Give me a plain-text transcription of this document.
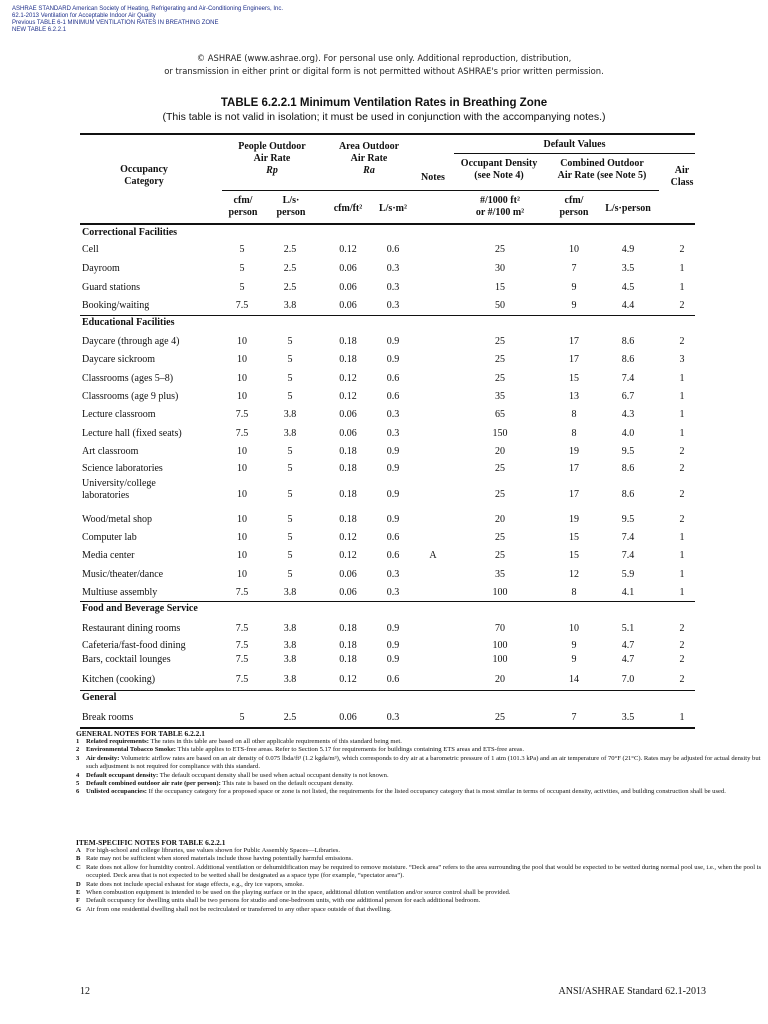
ASHRAE STANDARD American Society of Heating, Refrigerating and Air-Conditioning Engineers, Inc.
62.1-2013 Ventilation for Acceptable Indoor Air Quality
Previous TABLE 6-1 MINIMUM VENTILATION RATES IN BREATHING ZONE
NEW TABLE 6.2.2.1
© ASHRAE (www.ashrae.org). For personal use only. Additional reproduction, distribution,
or transmission in either print or digital form is not permitted without ASHRAE's prior written permission.
TABLE 6.2.2.1 Minimum Ventilation Rates in Breathing Zone
(This table is not valid in isolation; it must be used in conjunction with the accompanying notes.)
Occupancy
Category
People Outdoor
Air Rate
Rp
Area Outdoor
Air Rate
Ra
Notes
Default Values
Occupant Density
(see Note 4)
Combined Outdoor
Air Rate (see Note 5)	Air
Class
cfm/
person
L/s·
person	cfm/ft²	L/s·m²
#/1000 ft²
or #/100 m²
cfm/
person	L/s·person
Correctional Facilities
Cell	5	2.5	0.12	0.6	25	10	4.9	2
Dayroom	5	2.5	0.06	0.3	30	7	3.5	1
Guard stations	5	2.5	0.06	0.3	15	9	4.5	1
Booking/waiting	7.5	3.8	0.06	0.3	50	9	4.4	2
Educational Facilities
Daycare (through age 4)	10	5	0.18	0.9	25	17	8.6	2
Daycare sickroom	10	5	0.18	0.9	25	17	8.6	3
Classrooms (ages 5–8)	10	5	0.12	0.6	25	15	7.4	1
Classrooms (age 9 plus)	10	5	0.12	0.6	35	13	6.7	1
Lecture classroom	7.5	3.8	0.06	0.3	65	8	4.3	1
Lecture hall (fixed seats)	7.5	3.8	0.06	0.3	150	8	4.0	1
Art classroom	10	5	0.18	0.9	20	19	9.5	2
Science laboratories	10	5	0.18	0.9	25	17	8.6	2
University/college
laboratories	10	5	0.18	0.9	25	17	8.6	2
Wood/metal shop	10	5	0.18	0.9	20	19	9.5	2
Computer lab	10	5	0.12	0.6	25	15	7.4	1
Media center	10	5	0.12	0.6	A	25	15	7.4	1
Music/theater/dance	10	5	0.06	0.3	35	12	5.9	1
Multiuse assembly	7.5	3.8	0.06	0.3	100	8	4.1	1
Food and Beverage Service
Restaurant dining rooms	7.5	3.8	0.18	0.9	70	10	5.1	2
Cafeteria/fast-food dining	7.5	3.8	0.18	0.9	100	9	4.7	2
Bars, cocktail lounges	7.5	3.8	0.18	0.9	100	9	4.7	2
Kitchen (cooking)	7.5	3.8	0.12	0.6	20	14	7.0	2
General
Break rooms	5	2.5	0.06	0.3	25	7	3.5	1
GENERAL NOTES FOR TABLE 6.2.2.1
1 Related requirements: The rates in this table are based on all other applicable requirements of this standard being met.
2 Environmental Tobacco Smoke: This table applies to ETS-free areas. Refer to Section 5.17 for requirements for buildings containing ETS areas and ETS-free areas.
3 Air density: Volumetric airflow rates are based on an air density of 0.075 lbda/ft³ (1.2 kgda/m³), which corresponds to dry air at a barometric pressure of 1 atm (101.3 kPa) and an air temperature of 70°F (21°C). Rates may be adjusted for actual density but such adjustment is not required for compliance with this standard.
4 Default occupant density: The default occupant density shall be used when actual occupant density is not known.
5 Default combined outdoor air rate (per person): This rate is based on the default occupant density.
6 Unlisted occupancies: If the occupancy category for a proposed space or zone is not listed, the requirements for the listed occupancy category that is most similar in terms of occupant density, activities, and building construction shall be used.
ITEM-SPECIFIC NOTES FOR TABLE 6.2.2.1
A For high-school and college libraries, use values shown for Public Assembly Spaces—Libraries.
B Rate may not be sufficient when stored materials include those having potentially harmful emissions.
C Rate does not allow for humidity control. Additional ventilation or dehumidification may be required to remove moisture. “Deck area” refers to the area surrounding the pool that would be expected to be wetted during normal pool use, i.e., when the pool is occupied. Deck area that is not expected to be wetted shall be designated as a space type (for example, “spectator area”).
D Rate does not include special exhaust for stage effects, e.g., dry ice vapors, smoke.
E When combustion equipment is intended to be used on the playing surface or in the space, additional dilution ventilation and/or source control shall be provided.
F Default occupancy for dwelling units shall be two persons for studio and one-bedroom units, with one additional person for each additional bedroom.
G Air from one residential dwelling shall not be recirculated or transferred to any other space outside of that dwelling.
12	ANSI/ASHRAE Standard 62.1-2013
